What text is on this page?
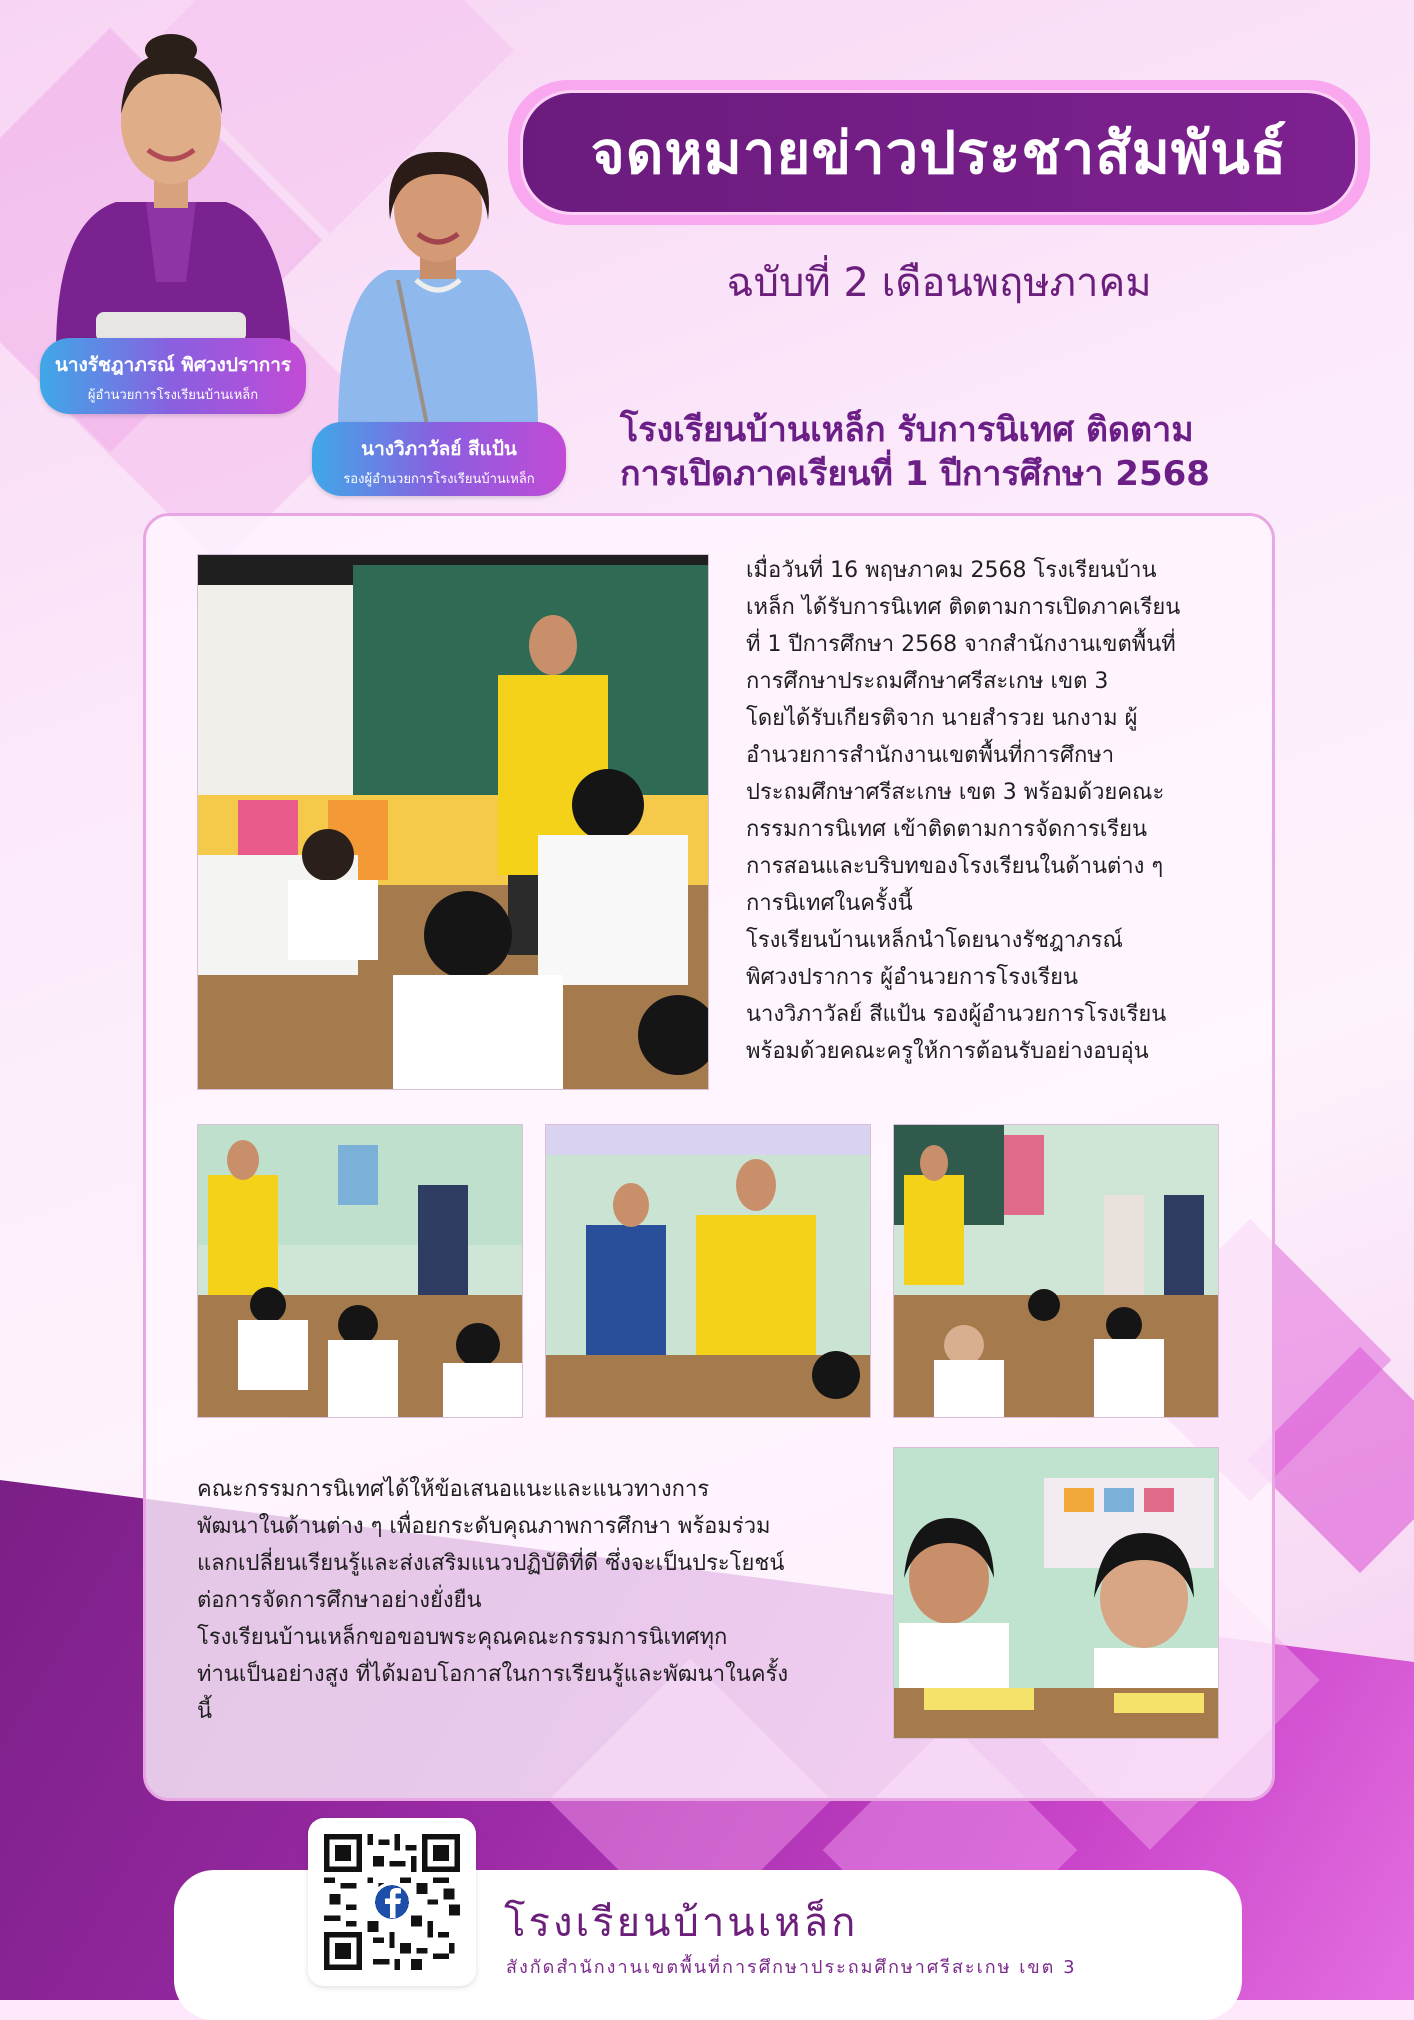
นางรัชฎาภรณ์ พิศวงปราการ
ผู้อำนวยการโรงเรียนบ้านเหล็ก
นางวิภาวัลย์ สีแป้น
รองผู้อำนวยการโรงเรียนบ้านเหล็ก
จดหมายข่าวประชาสัมพันธ์
ฉบับที่ 2 เดือนพฤษภาคม
โรงเรียนบ้านเหล็ก รับการนิเทศ ติดตาม
การเปิดภาคเรียนที่ 1 ปีการศึกษา 2568

เมื่อวันที่ 16 พฤษภาคม 2568 โรงเรียนบ้าน

เหล็ก ได้รับการนิเทศ ติดตามการเปิดภาคเรียน

ที่ 1 ปีการศึกษา 2568 จากสำนักงานเขตพื้นที่

การศึกษาประถมศึกษาศรีสะเกษ เขต 3

โดยได้รับเกียรติจาก นายสำรวย นกงาม ผู้

อำนวยการสำนักงานเขตพื้นที่การศึกษา

ประถมศึกษาศรีสะเกษ เขต 3 พร้อมด้วยคณะ

กรรมการนิเทศ เข้าติดตามการจัดการเรียน

การสอนและบริบทของโรงเรียนในด้านต่าง ๆ

การนิเทศในครั้งนี้

โรงเรียนบ้านเหล็กนำโดยนางรัชฎาภรณ์

พิศวงปราการ ผู้อำนวยการโรงเรียน

นางวิภาวัลย์ สีแป้น รองผู้อำนวยการโรงเรียน

พร้อมด้วยคณะครูให้การต้อนรับอย่างอบอุ่น

คณะกรรมการนิเทศได้ให้ข้อเสนอแนะและแนวทางการ

พัฒนาในด้านต่าง ๆ เพื่อยกระดับคุณภาพการศึกษา พร้อมร่วม

แลกเปลี่ยนเรียนรู้และส่งเสริมแนวปฏิบัติที่ดี ซึ่งจะเป็นประโยชน์

ต่อการจัดการศึกษาอย่างยั่งยืน

โรงเรียนบ้านเหล็กขอขอบพระคุณคณะกรรมการนิเทศทุก

ท่านเป็นอย่างสูง ที่ได้มอบโอกาสในการเรียนรู้และพัฒนาในครั้ง

นี้

โรงเรียนบ้านเหล็ก
สังกัดสำนักงานเขตพื้นที่การศึกษาประถมศึกษาศรีสะเกษ เขต 3
